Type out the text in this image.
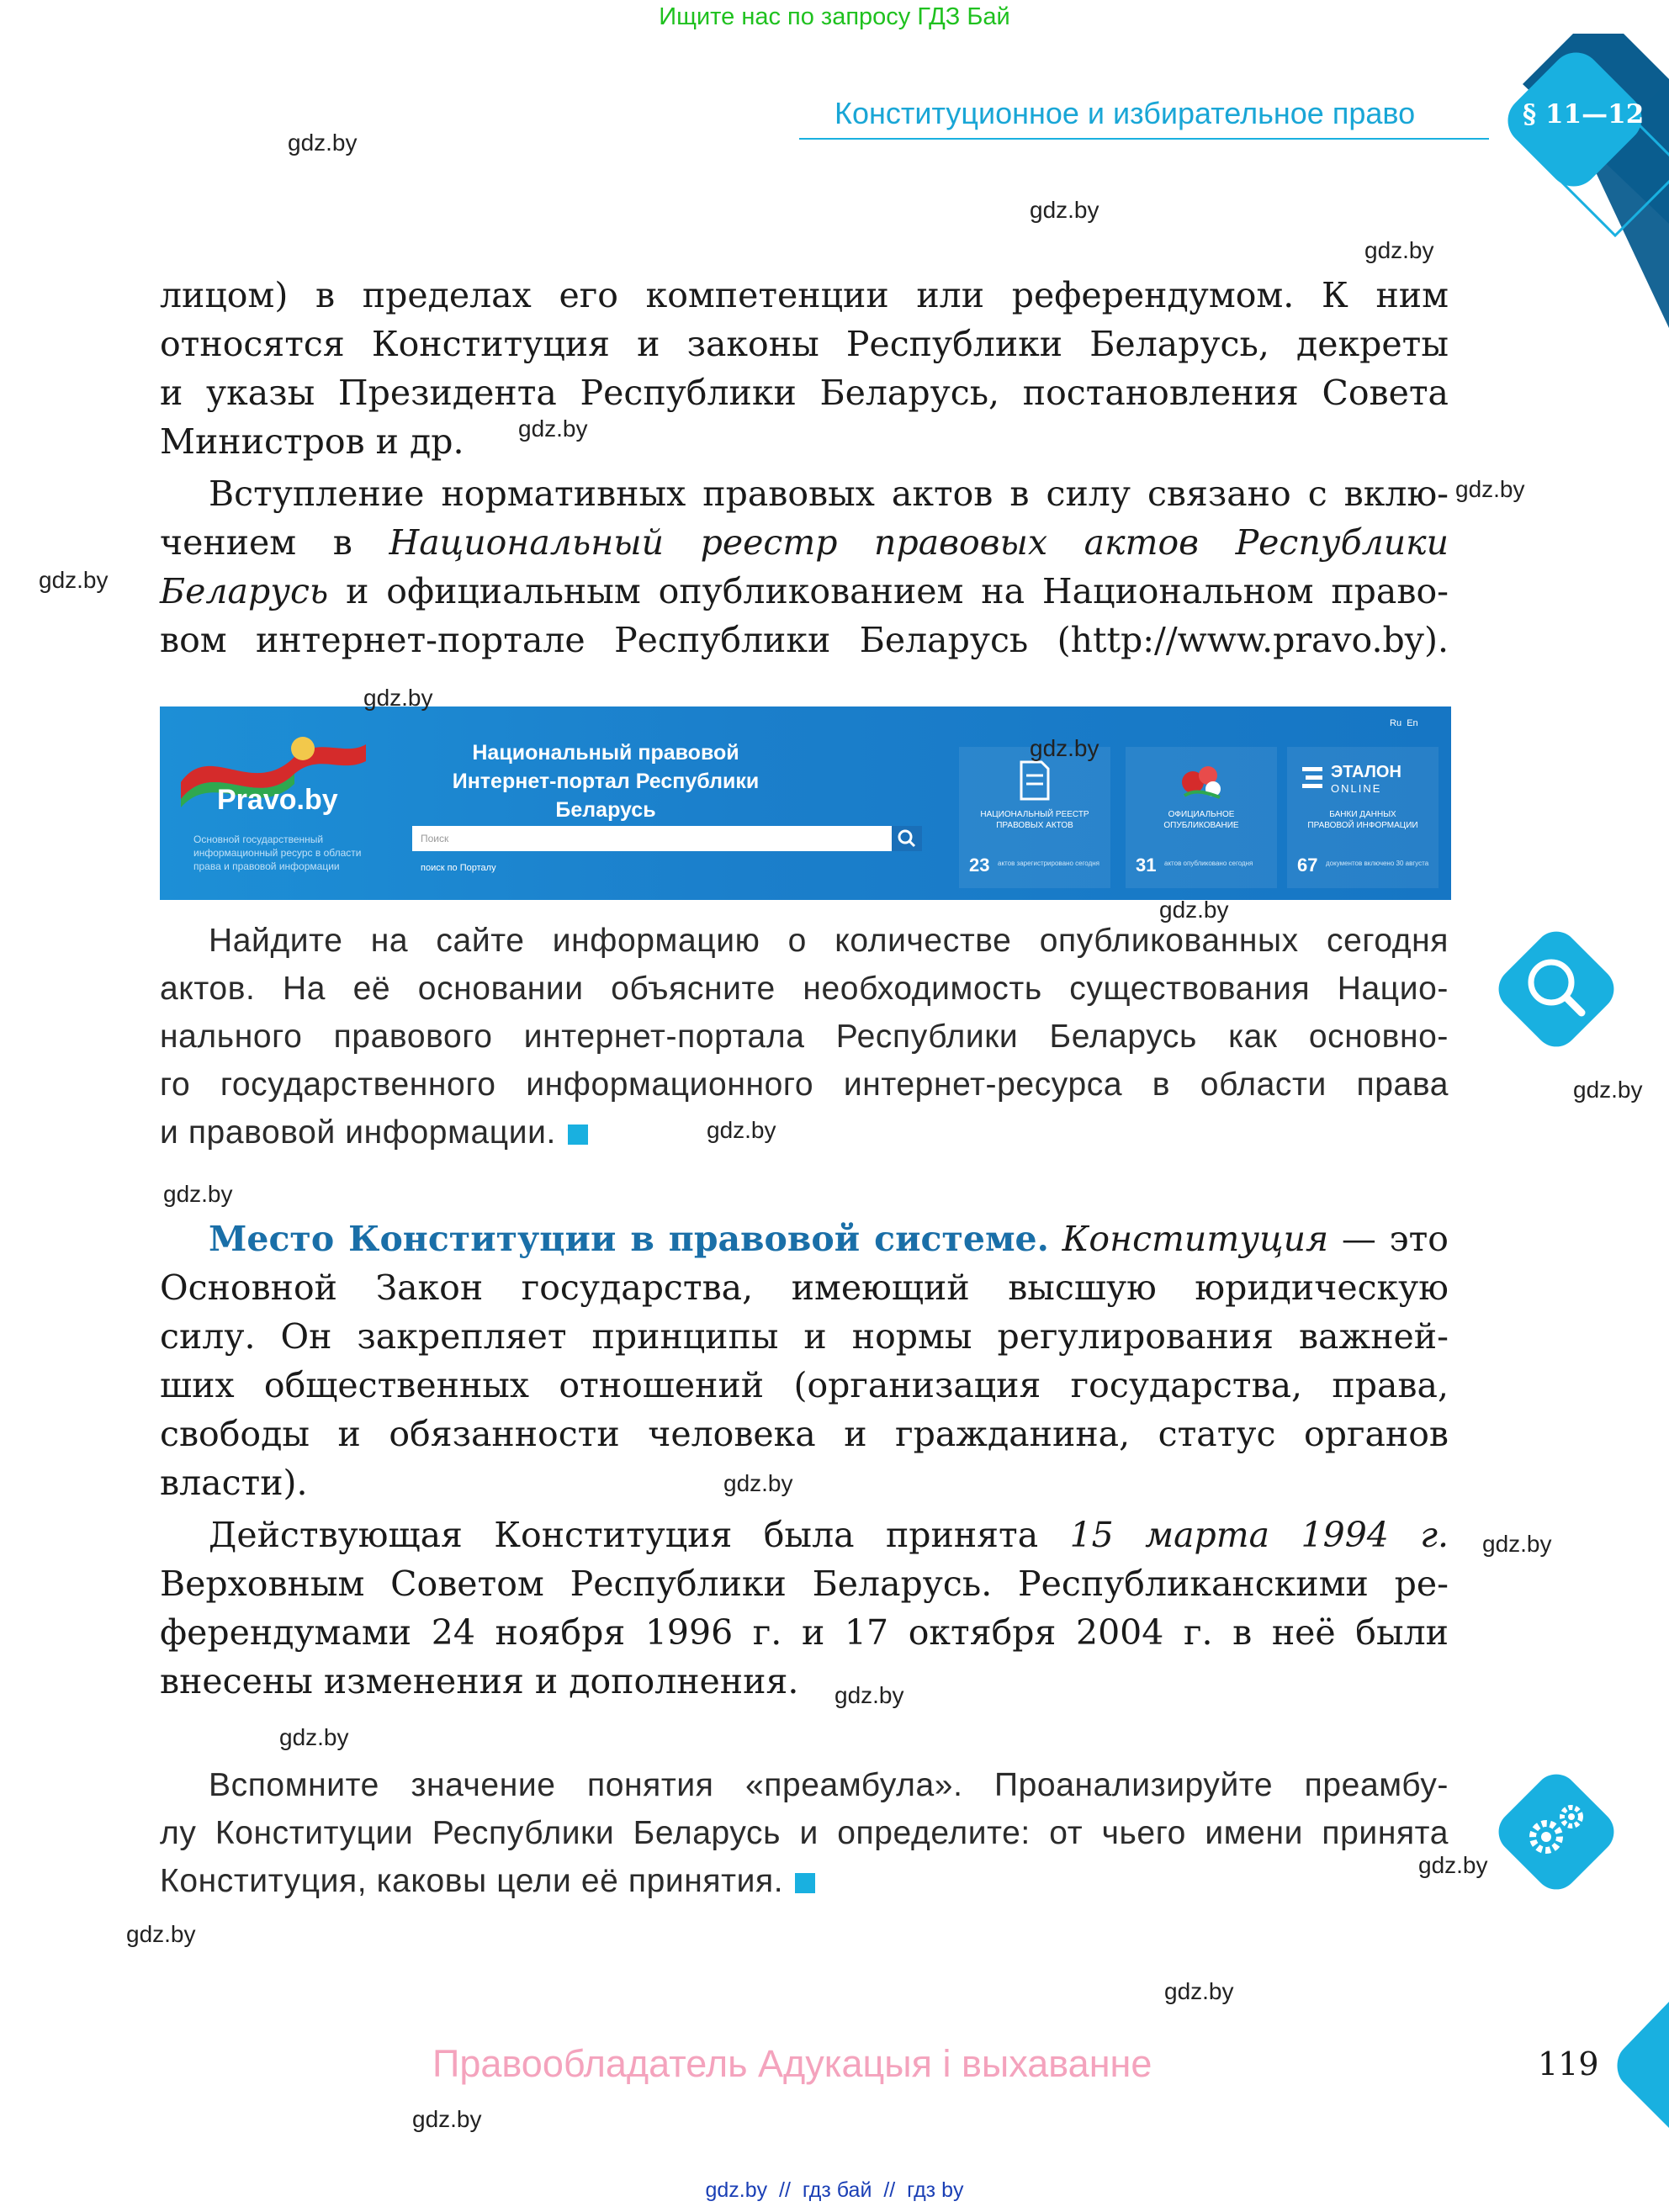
Ищите нас по запросу ГДЗ Бай
§ 11—12
Конституционное и избирательное право
лицом) в пределах его компетенции или референдумом. К ним
относятся Конституция и законы Республики Беларусь, декреты
и указы Президента Республики Беларусь, постановления Совета
Министров и др.
Вступление нормативных правовых актов в силу связано с вклю-
чением в Национальный реестр правовых актов Республики
Беларусь и официальным опубликованием на Национальном право-
вом интернет-портале Республики Беларусь (http://www.pravo.by).
Pravo.by
Основной государственный
информационный ресурс в области
права и правовой информации
Национальный правовой
Интернет-портал Республики Беларусь
Поиск
поиск по Порталу
Ru En
НАЦИОНАЛЬНЫЙ РЕЕСТР
ПРАВОВЫХ АКТОВ
23 актов зарегистрировано сегодня
ОФИЦИАЛЬНОЕ
ОПУБЛИКОВАНИЕ
31 актов опубликовано сегодня
ЭТАЛОН
ONLINE
БАНКИ ДАННЫХ
ПРАВОВОЙ ИНФОРМАЦИИ
67 документов включено 30 августа
Найдите на сайте информацию о количестве опубликованных сегодня
актов. На её основании объясните необходимость существования Нацио-
нального правового интернет-портала Республики Беларусь как основно-
го государственного информационного интернет-ресурса в области права
и правовой информации.
Место Конституции в правовой системе. Конституция — это
Основной Закон государства, имеющий высшую юридическую
силу. Он закрепляет принципы и нормы регулирования важней-
ших общественных отношений (организация государства, права,
свободы и обязанности человека и гражданина, статус органов
власти).
Действующая Конституция была принята 15 марта 1994 г.
Верховным Советом Республики Беларусь. Республиканскими ре-
ферендумами 24 ноября 1996 г. и 17 октября 2004 г. в неё были
внесены изменения и дополнения.
Вспомните значение понятия «преамбула». Проанализируйте преамбу-
лу Конституции Республики Беларусь и определите: от чьего имени принята
Конституция, каковы цели её принятия.
Правообладатель Адукацыя і выхаванне	119
gdz.by  //  гдз бай  //  гдз by
gdz.by
gdz.by
gdz.by
gdz.by
gdz.by
gdz.by
gdz.by
gdz.by
gdz.by
gdz.by
gdz.by
gdz.by
gdz.by
gdz.by
gdz.by
gdz.by
gdz.by
gdz.by
gdz.by
gdz.by
